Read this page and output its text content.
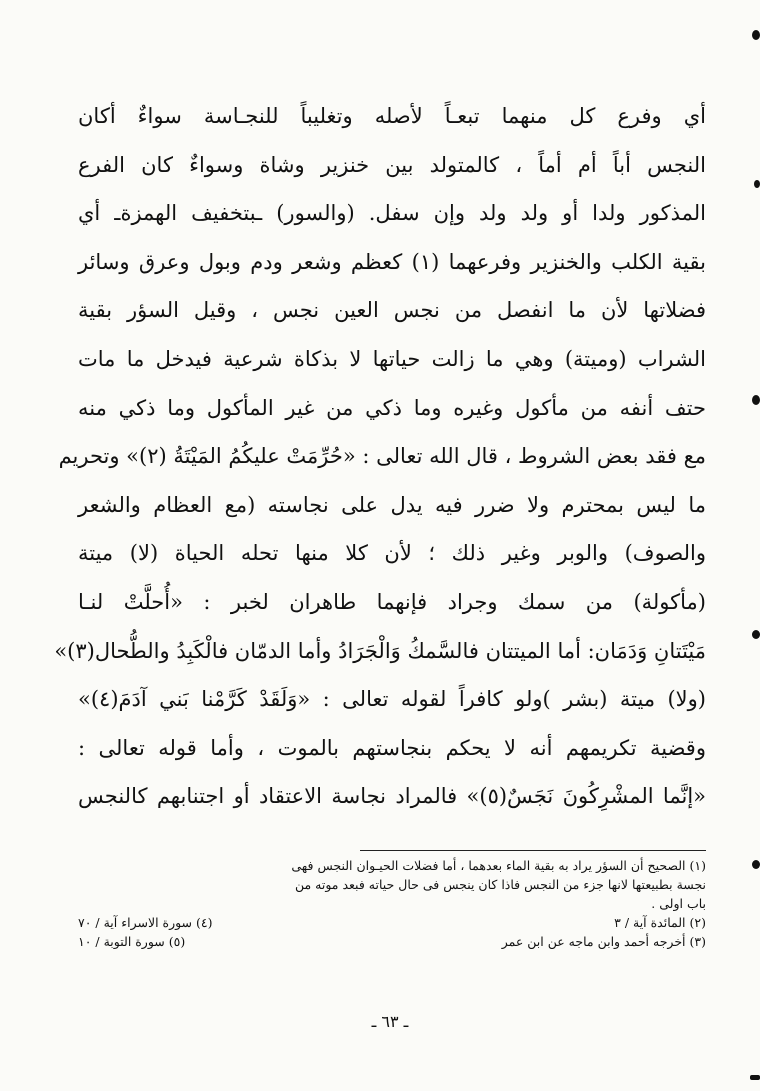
أي وفرع كل منهما تبعـاً لأصله وتغليباً للنجـاسة سواءٌ أكان
النجس أباً أم أماً ، كالمتولد بين خنزير وشاة وسواءٌ كان الفرع
المذكور ولدا أو ولد ولد وإن سفل. (والسور) ـبتخفيف الهمزةـ أي
بقية الكلب والخنزير وفرعهما (١) كعظم وشعر ودم وبول وعرق وسائر
فضلاتها لأن ما انفصل من نجس العين نجس ، وقيل السؤر بقية
الشراب (وميتة) وهي ما زالت حياتها لا بذكاة شرعية فيدخل ما مات
حتف أنفه من مأكول وغيره وما ذكي من غير المأكول وما ذكي منه
مع فقد بعض الشروط ، قال الله تعالى : «حُرِّمَتْ عليكُمُ المَيْتَةُ (٢)» وتحريم
ما ليس بمحترم ولا ضرر فيه يدل على نجاسته (مع العظام والشعر
والصوف) والوبر وغير ذلك ؛ لأن كلا منها تحله الحياة (لا) ميتة
(مأكولة) من سمك وجراد فإنهما طاهران لخبر : «أُحلَّتْ لنـا
مَيْتَتانِ وَدَمَان: أما الميتتان فالسَّمكُ وَالْجَرَادُ وأما الدمّان فالْكَبِدُ والطُّحال(٣)»
(ولا) ميتة (بشر )ولو كافراً لقوله تعالى : «وَلَقَدْ كَرَّمْنا بَني آدَمَ(٤)»
وقضية تكريمهم أنه لا يحكم بنجاستهم بالموت ، وأما قوله تعالى :
«إنَّما المشْرِكُونَ نَجَسٌ(٥)» فالمراد نجاسة الاعتقاد أو اجتنابهم كالنجس
(١) الصحيح أن السؤر يراد به بقية الماء بعدهما ، أما فضلات الحيـوان النجس فهى
نجسة بطبيعتها لانها جزء من النجس فاذا كان ينجس فى حال حياته فبعد موته من
باب اولى .
(٢) المائدة آية / ٣
(٤) سورة الاسراء آية / ٧٠
(٣) أخرجه أحمد وابن ماجه عن ابن عمر
(٥) سورة التوبة / ١٠
ـ ٦٣ ـ
